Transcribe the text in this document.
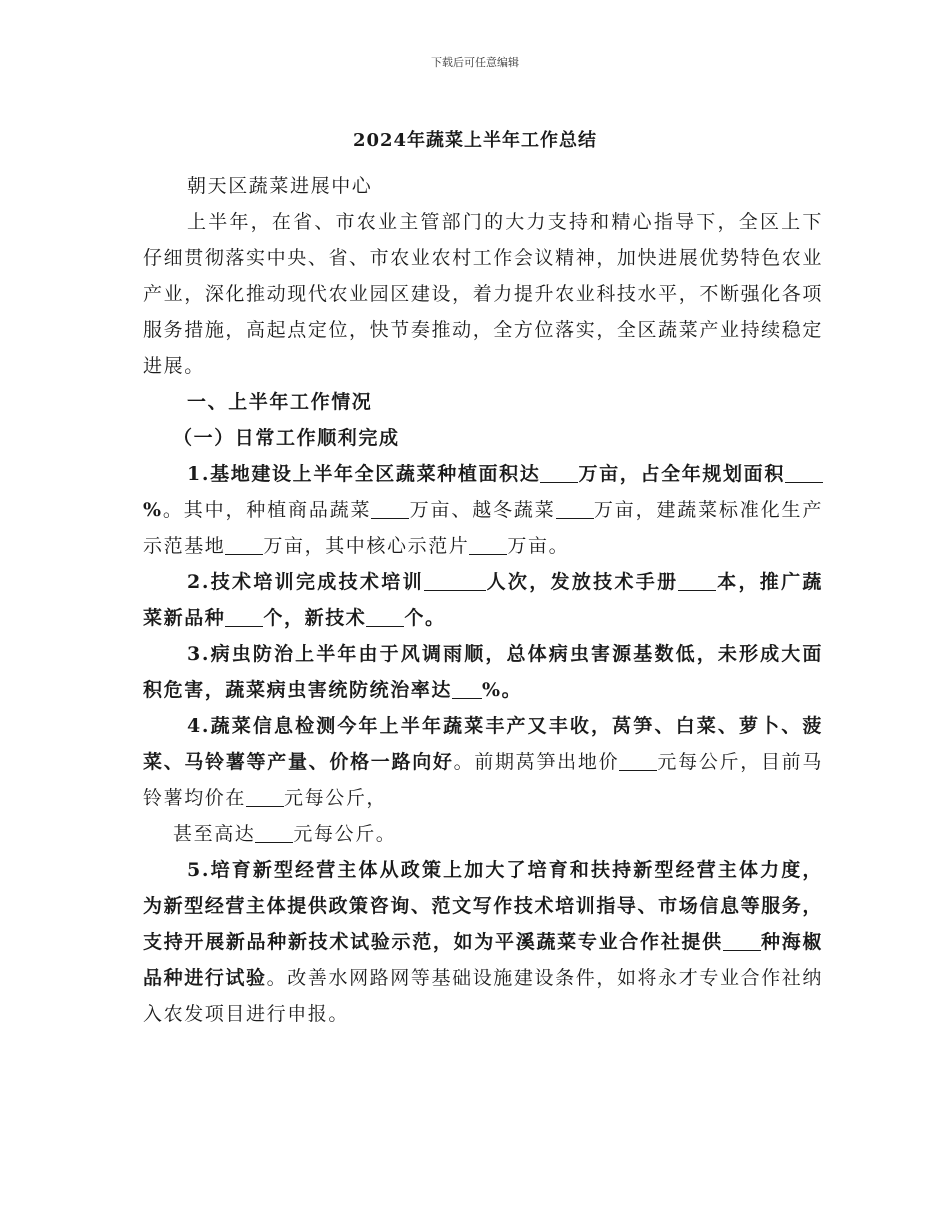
下载后可任意编辑
2024年蔬菜上半年工作总结

朝天区蔬菜进展中心

上半年，在省、市农业主管部门的大力支持和精心指导下，全区上下仔细贯彻落实中央、省、市农业农村工作会议精神，加快进展优势特色农业产业，深化推动现代农业园区建设，着力提升农业科技水平，不断强化各项服务措施，高起点定位，快节奏推动，全方位落实，全区蔬菜产业持续稳定进展。

一、上半年工作情况

（一）日常工作顺利完成

1.基地建设上半年全区蔬菜种植面积达 万亩，占全年规划面积%。其中，种植商品蔬菜 万亩、越冬蔬菜 万亩，建蔬菜标准化生产示范基地 万亩，其中核心示范片 万亩。

2.技术培训完成技术培训	人次，发放技术手册 本，推广蔬菜新品种 个，新技术 个。

3.病虫防治上半年由于风调雨顺，总体病虫害源基数低，未形成大面积危害，蔬菜病虫害统防统治率达 %。

4.蔬菜信息检测今年上半年蔬菜丰产又丰收，莴笋、白菜、萝卜、菠菜、马铃薯等产量、价格一路向好。前期莴笋出地价 元每公斤，目前马铃薯均价在 元每公斤，

甚至高达 元每公斤。

5.培育新型经营主体从政策上加大了培育和扶持新型经营主体力度，为新型经营主体提供政策咨询、范文写作技术培训指导、市场信息等服务，支持开展新品种新技术试验示范，如为平溪蔬菜专业合作社提供 种海椒品种进行试验。改善水网路网等基础设施建设条件，如将永才专业合作社纳入农发项目进行申报。
